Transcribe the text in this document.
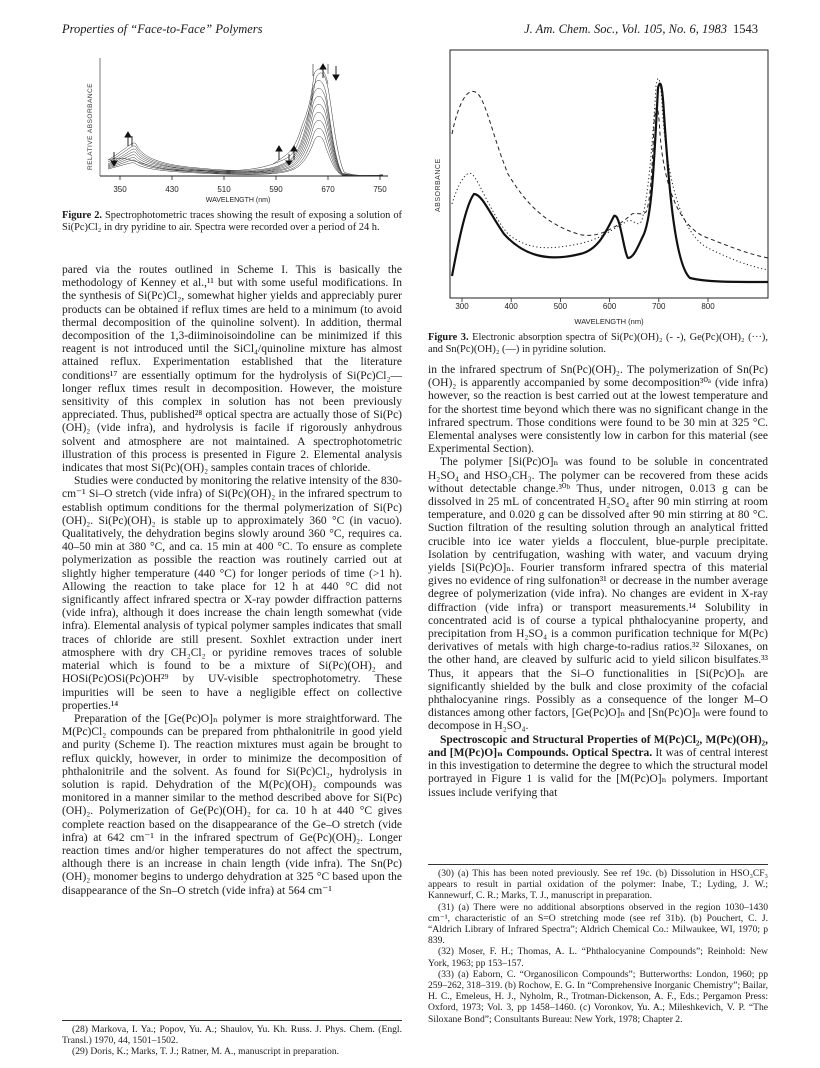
Properties of “Face-to-Face” Polymers	J. Am. Chem. Soc., Vol. 105, No. 6, 1983 1543
RELATIVE ABSORBANCE
350	430	510	590	670	750
WAVELENGTH (nm)
Figure 2. Spectrophotometric traces showing the result of exposing a solution of Si(Pc)Cl₂ in dry pyridine to air. Spectra were recorded over a period of 24 h.

pared via the routes outlined in Scheme I. This is basically the methodology of Kenney et al.,¹¹ but with some useful modifications. In the synthesis of Si(Pc)Cl₂, somewhat higher yields and appreciably purer products can be obtained if reflux times are held to a minimum (to avoid thermal decomposition of the quinoline solvent). In addition, thermal decomposition of the 1,3-diiminoisoindoline can be minimized if this reagent is not introduced until the SiCl₄/quinoline mixture has almost attained reflux. Experimentation established that the literature conditions¹⁷ are essentially optimum for the hydrolysis of Si(Pc)Cl₂—longer reflux times result in decomposition. However, the moisture sensitivity of this complex in solution has not been previously appreciated. Thus, published²⁸ optical spectra are actually those of Si(Pc)(OH)₂ (vide infra), and hydrolysis is facile if rigorously anhydrous solvent and atmosphere are not maintained. A spectrophotometric illustration of this process is presented in Figure 2. Elemental analysis indicates that most Si(Pc)(OH)₂ samples contain traces of chloride.

Studies were conducted by monitoring the relative intensity of the 830-cm⁻¹ Si–O stretch (vide infra) of Si(Pc)(OH)₂ in the infrared spectrum to establish optimum conditions for the thermal polymerization of Si(Pc)(OH)₂. Si(Pc)(OH)₂ is stable up to approximately 360 °C (in vacuo). Qualitatively, the dehydration begins slowly around 360 °C, requires ca. 40–50 min at 380 °C, and ca. 15 min at 400 °C. To ensure as complete polymerization as possible the reaction was routinely carried out at slightly higher temperature (440 °C) for longer periods of time (>1 h). Allowing the reaction to take place for 12 h at 440 °C did not significantly affect infrared spectra or X-ray powder diffraction patterns (vide infra), although it does increase the chain length somewhat (vide infra). Elemental analysis of typical polymer samples indicates that small traces of chloride are still present. Soxhlet extraction under inert atmosphere with dry CH₂Cl₂ or pyridine removes traces of soluble material which is found to be a mixture of Si(Pc)(OH)₂ and HOSi(Pc)OSi(Pc)OH²⁹ by UV-visible spectrophotometry. These impurities will be seen to have a negligible effect on collective properties.¹⁴

Preparation of the [Ge(Pc)O]ₙ polymer is more straightforward. The M(Pc)Cl₂ compounds can be prepared from phthalonitrile in good yield and purity (Scheme I). The reaction mixtures must again be brought to reflux quickly, however, in order to minimize the decomposition of phthalonitrile and the solvent. As found for Si(Pc)Cl₂, hydrolysis in solution is rapid. Dehydration of the M(Pc)(OH)₂ compounds was monitored in a manner similar to the method described above for Si(Pc)(OH)₂. Polymerization of Ge(Pc)(OH)₂ for ca. 10 h at 440 °C gives complete reaction based on the disappearance of the Ge–O stretch (vide infra) at 642 cm⁻¹ in the infrared spectrum of Ge(Pc)(OH)₂. Longer reaction times and/or higher temperatures do not affect the spectrum, although there is an increase in chain length (vide infra). The Sn(Pc)(OH)₂ monomer begins to undergo dehydration at 325 °C based upon the disappearance of the Sn–O stretch (vide infra) at 564 cm⁻¹

(28) Markova, I. Ya.; Popov, Yu. A.; Shaulov, Yu. Kh. Russ. J. Phys. Chem. (Engl. Transl.) 1970, 44, 1501–1502.

(29) Doris, K.; Marks, T. J.; Ratner, M. A., manuscript in preparation.

ABSORBANCE
300	400	500	600	700	800
WAVELENGTH (nm)
Figure 3. Electronic absorption spectra of Si(Pc)(OH)₂ (- -), Ge(Pc)(OH)₂ (···), and Sn(Pc)(OH)₂ (—) in pyridine solution.

in the infrared spectrum of Sn(Pc)(OH)₂. The polymerization of Sn(Pc)(OH)₂ is apparently accompanied by some decomposition³⁰ᵃ (vide infra) however, so the reaction is best carried out at the lowest temperature and for the shortest time beyond which there was no significant change in the infrared spectrum. Those conditions were found to be 30 min at 325 °C. Elemental analyses were consistently low in carbon for this material (see Experimental Section).

The polymer [Si(Pc)O]ₙ was found to be soluble in concentrated H₂SO₄ and HSO₃CH₃. The polymer can be recovered from these acids without detectable change.³⁰ᵇ Thus, under nitrogen, 0.013 g can be dissolved in 25 mL of concentrated H₂SO₄ after 90 min stirring at room temperature, and 0.020 g can be dissolved after 90 min stirring at 80 °C. Suction filtration of the resulting solution through an analytical fritted crucible into ice water yields a flocculent, blue-purple precipitate. Isolation by centrifugation, washing with water, and vacuum drying yields [Si(Pc)O]ₙ. Fourier transform infrared spectra of this material gives no evidence of ring sulfonation³¹ or decrease in the number average degree of polymerization (vide infra). No changes are evident in X-ray diffraction (vide infra) or transport measurements.¹⁴ Solubility in concentrated acid is of course a typical phthalocyanine property, and precipitation from H₂SO₄ is a common purification technique for M(Pc) derivatives of metals with high charge-to-radius ratios.³² Siloxanes, on the other hand, are cleaved by sulfuric acid to yield silicon bisulfates.³³ Thus, it appears that the Si–O functionalities in [Si(Pc)O]ₙ are significantly shielded by the bulk and close proximity of the cofacial phthalocyanine rings. Possibly as a consequence of the longer M–O distances among other factors, [Ge(Pc)O]ₙ and [Sn(Pc)O]ₙ were found to decompose in H₂SO₄.

Spectroscopic and Structural Properties of M(Pc)Cl₂, M(Pc)(OH)₂, and [M(Pc)O]ₙ Compounds. Optical Spectra. It was of central interest in this investigation to determine the degree to which the structural model portrayed in Figure 1 is valid for the [M(Pc)O]ₙ polymers. Important issues include verifying that

(30) (a) This has been noted previously. See ref 19c. (b) Dissolution in HSO₃CF₃ appears to result in partial oxidation of the polymer: Inabe, T.; Lyding, J. W.; Kannewurf, C. R.; Marks, T. J., manuscript in preparation.

(31) (a) There were no additional absorptions observed in the region 1030–1430 cm⁻¹, characteristic of an S=O stretching mode (see ref 31b). (b) Pouchert, C. J. “Aldrich Library of Infrared Spectra”; Aldrich Chemical Co.: Milwaukee, WI, 1970; p 839.

(32) Moser, F. H.; Thomas, A. L. “Phthalocyanine Compounds”; Reinhold: New York, 1963; pp 153–157.

(33) (a) Eaborn, C. “Organosilicon Compounds”; Butterworths: London, 1960; pp 259–262, 318–319. (b) Rochow, E. G. In “Comprehensive Inorganic Chemistry”; Bailar, H. C., Emeleus, H. J., Nyholm, R., Trotman-Dickenson, A. F., Eds.; Pergamon Press: Oxford, 1973; Vol. 3, pp 1458–1460. (c) Voronkov, Yu. A.; Mileshkevich, V. P. “The Siloxane Bond”; Consultants Bureau: New York, 1978; Chapter 2.
